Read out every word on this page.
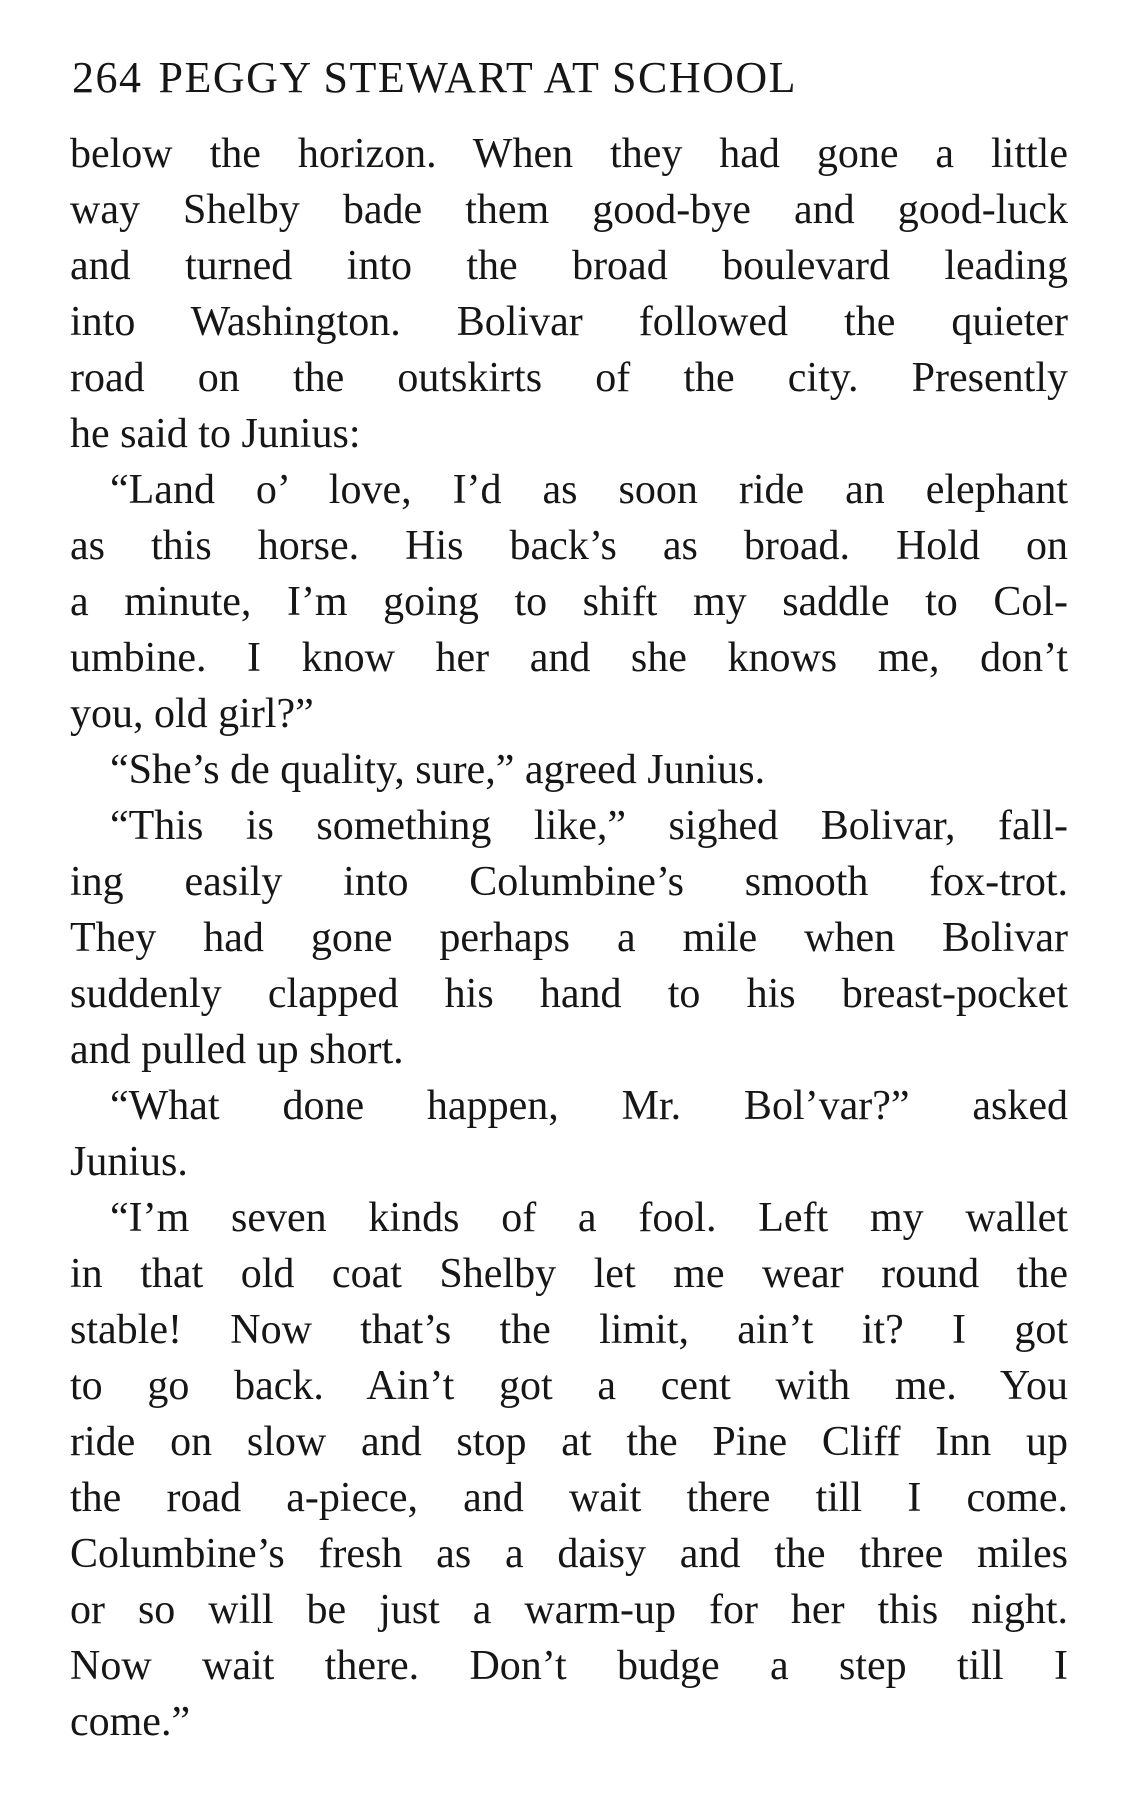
264 PEGGY STEWART AT SCHOOL
below the horizon. When they had gone a little
way Shelby bade them good-bye and good-luck
and turned into the broad boulevard leading
into Washington. Bolivar followed the quieter
road on the outskirts of the city. Presently
he said to Junius:
“Land o’ love, I’d as soon ride an elephant
as this horse. His back’s as broad. Hold on
a minute, I’m going to shift my saddle to Col-
umbine. I know her and she knows me, don’t
you, old girl?”
“She’s de quality, sure,” agreed Junius.
“This is something like,” sighed Bolivar, fall-
ing easily into Columbine’s smooth fox-trot.
They had gone perhaps a mile when Bolivar
suddenly clapped his hand to his breast-pocket
and pulled up short.
“What done happen, Mr. Bol’var?” asked
Junius.
“I’m seven kinds of a fool. Left my wallet
in that old coat Shelby let me wear round the
stable! Now that’s the limit, ain’t it? I got
to go back. Ain’t got a cent with me. You
ride on slow and stop at the Pine Cliff Inn up
the road a-piece, and wait there till I come.
Columbine’s fresh as a daisy and the three miles
or so will be just a warm-up for her this night.
Now wait there. Don’t budge a step till I
come.”
